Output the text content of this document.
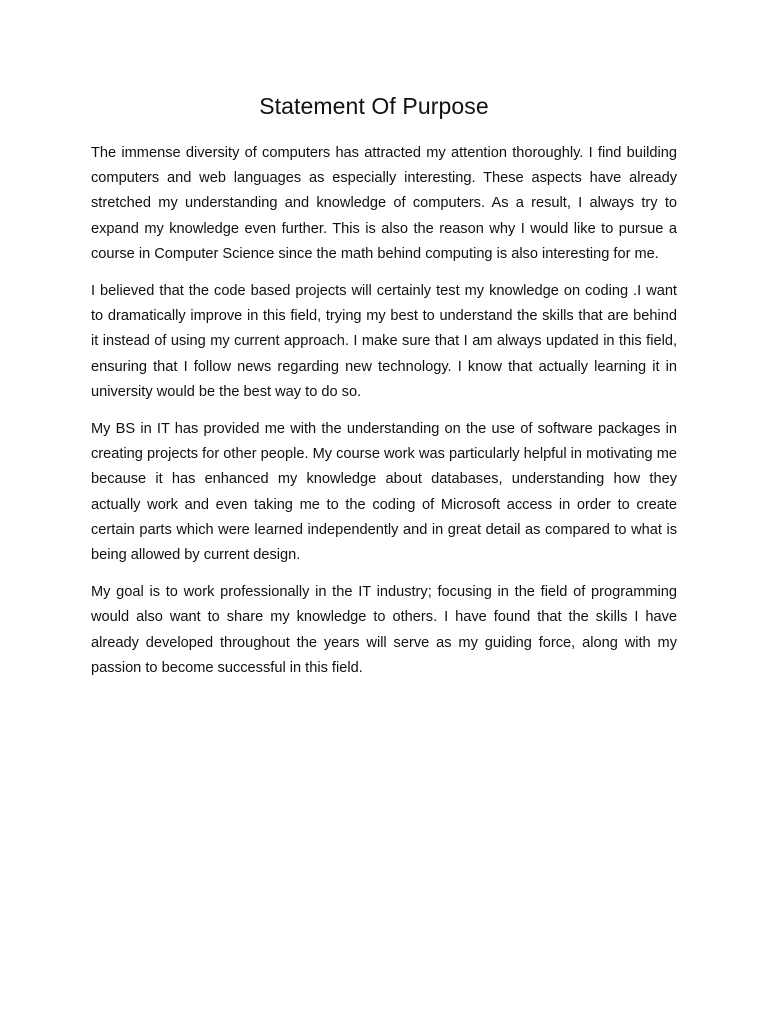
Statement Of Purpose

The immense diversity of computers has attracted my attention thoroughly. I find building computers and web languages as especially interesting. These aspects have already stretched my understanding and knowledge of computers. As a result, I always try to expand my knowledge even further. This is also the reason why I would like to pursue a course in Computer Science since the math behind computing is also interesting for me.

I believed that the code based projects will certainly test my knowledge on coding .I want to dramatically improve in this field, trying my best to understand the skills that are behind it instead of using my current approach. I make sure that I am always updated in this field, ensuring that I follow news regarding new technology. I know that actually learning it in university would be the best way to do so.

My BS in IT has provided me with the understanding on the use of software packages in creating projects for other people. My course work was particularly helpful in motivating me because it has enhanced my knowledge about databases, understanding how they actually work and even taking me to the coding of Microsoft access in order to create certain parts which were learned independently and in great detail as compared to what is being allowed by current design.

My goal is to work professionally in the IT industry; focusing in the field of programming would also want to share my knowledge to others. I have found that the skills I have already developed throughout the years will serve as my guiding force, along with my passion to become successful in this field.
